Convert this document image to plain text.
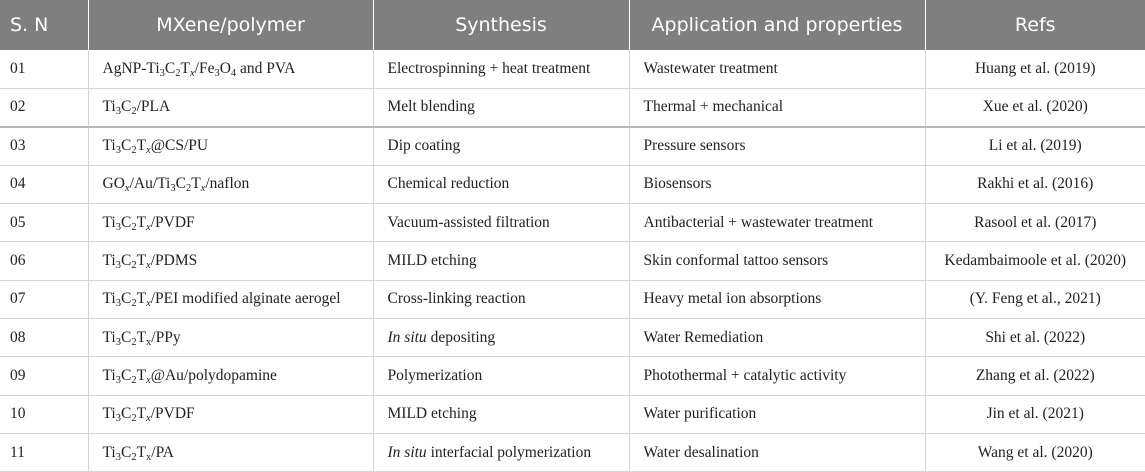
S. N	MXene/polymer	Synthesis	Application and properties	Refs
01	AgNP-$Ti_3C_2T_x/Fe_3O_4$ and PVA	Electrospinning + heat treatment	Wastewater treatment	Huang et al. (2019)
02	$Ti_3C_2$/PLA	Melt blending	Thermal + mechanical	Xue et al. (2020)
03	$Ti_3C_2T_x@CS/PU$	Dip coating	Pressure sensors	Li et al. (2019)
04	$GO_x/Au/Ti_3C_2T_x$/naflon	Chemical reduction	Biosensors	Rakhi et al. (2016)
05	$Ti_3C_2T_x$/PVDF	Vacuum-assisted filtration	Antibacterial + wastewater treatment	Rasool et al. (2017)
06	$Ti_3C_2T_x$/PDMS	MILD etching	Skin conformal tattoo sensors	Kedambaimoole et al. (2020)
07	$Ti_3C_2T_x$/PEI modified alginate aerogel	Cross-linking reaction	Heavy metal ion absorptions	(Y. Feng et al., 2021)
08	$Ti_3C_2T_x$/PPy	In situ depositing	Water Remediation	Shi et al. (2022)
09	$Ti_3C_2T_x@Au$/polydopamine	Polymerization	Photothermal + catalytic activity	Zhang et al. (2022)
10	$Ti_3C_2T_x$/PVDF	MILD etching	Water purification	Jin et al. (2021)
11	$Ti_3C_2T_x/PA$	In situ interfacial polymerization	Water desalination	Wang et al. (2020)
